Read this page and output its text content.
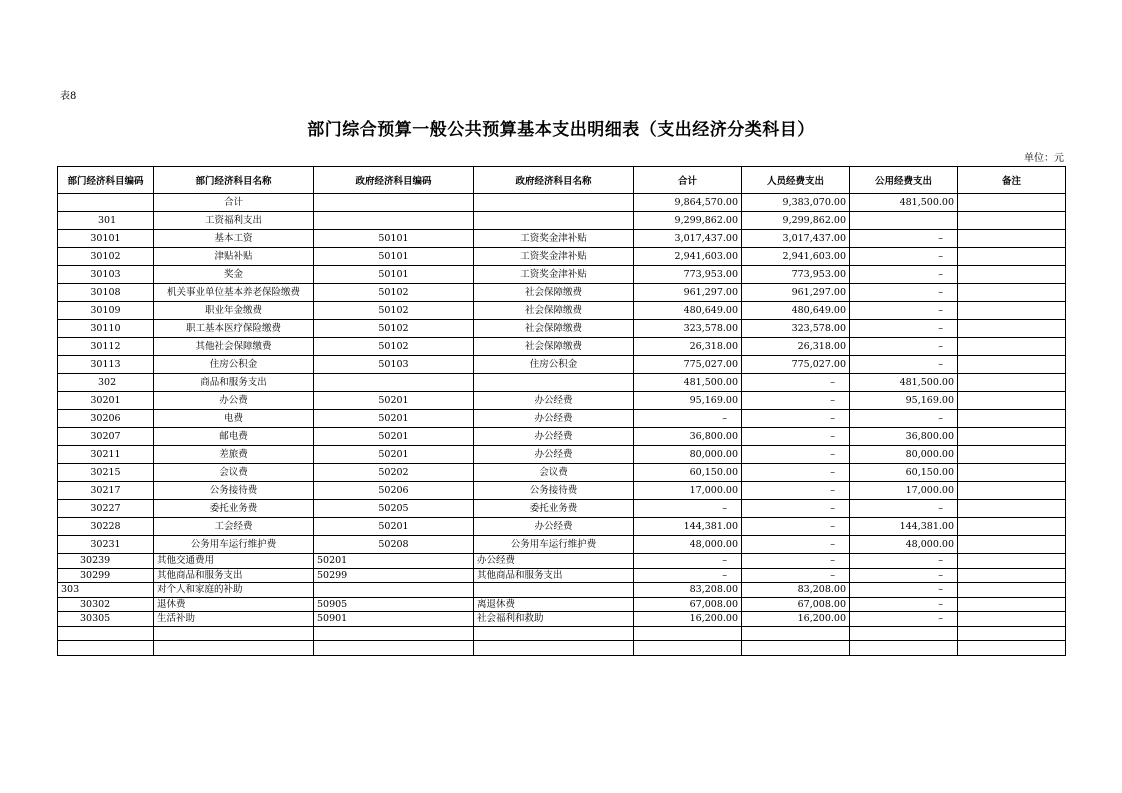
表8
部门综合预算一般公共预算基本支出明细表（支出经济分类科目）
单位：元
部门经济科目编码	部门经济科目名称	政府经济科目编码	政府经济科目名称	合计	人员经费支出	公用经费支出	备注
	合计			9,864,570.00	9,383,070.00	481,500.00	
301	工资福利支出			9,299,862.00	9,299,862.00		
30101	基本工资	50101	工资奖金津补贴	3,017,437.00	3,017,437.00	–	
30102	津贴补贴	50101	工资奖金津补贴	2,941,603.00	2,941,603.00	–	
30103	奖金	50101	工资奖金津补贴	773,953.00	773,953.00	–	
30108	机关事业单位基本养老保险缴费	50102	社会保障缴费	961,297.00	961,297.00	–	
30109	职业年金缴费	50102	社会保障缴费	480,649.00	480,649.00	–	
30110	职工基本医疗保险缴费	50102	社会保障缴费	323,578.00	323,578.00	–	
30112	其他社会保障缴费	50102	社会保障缴费	26,318.00	26,318.00	–	
30113	住房公积金	50103	住房公积金	775,027.00	775,027.00	–	
302	商品和服务支出			481,500.00	–	481,500.00	
30201	办公费	50201	办公经费	95,169.00	–	95,169.00	
30206	电费	50201	办公经费	–	–	–	
30207	邮电费	50201	办公经费	36,800.00	–	36,800.00	
30211	差旅费	50201	办公经费	80,000.00	–	80,000.00	
30215	会议费	50202	会议费	60,150.00	–	60,150.00	
30217	公务接待费	50206	公务接待费	17,000.00	–	17,000.00	
30227	委托业务费	50205	委托业务费	–	–	–	
30228	工会经费	50201	办公经费	144,381.00	–	144,381.00	
30231	公务用车运行维护费	50208	公务用车运行维护费	48,000.00	–	48,000.00	
30239	其他交通费用	50201	办公经费	–	–	–	
30299	其他商品和服务支出	50299	其他商品和服务支出	–	–	–	
303	对个人和家庭的补助			83,208.00	83,208.00	–	
30302	退休费	50905	离退休费	67,008.00	67,008.00	–	
30305	生活补助	50901	社会福利和救助	16,200.00	16,200.00	–	
